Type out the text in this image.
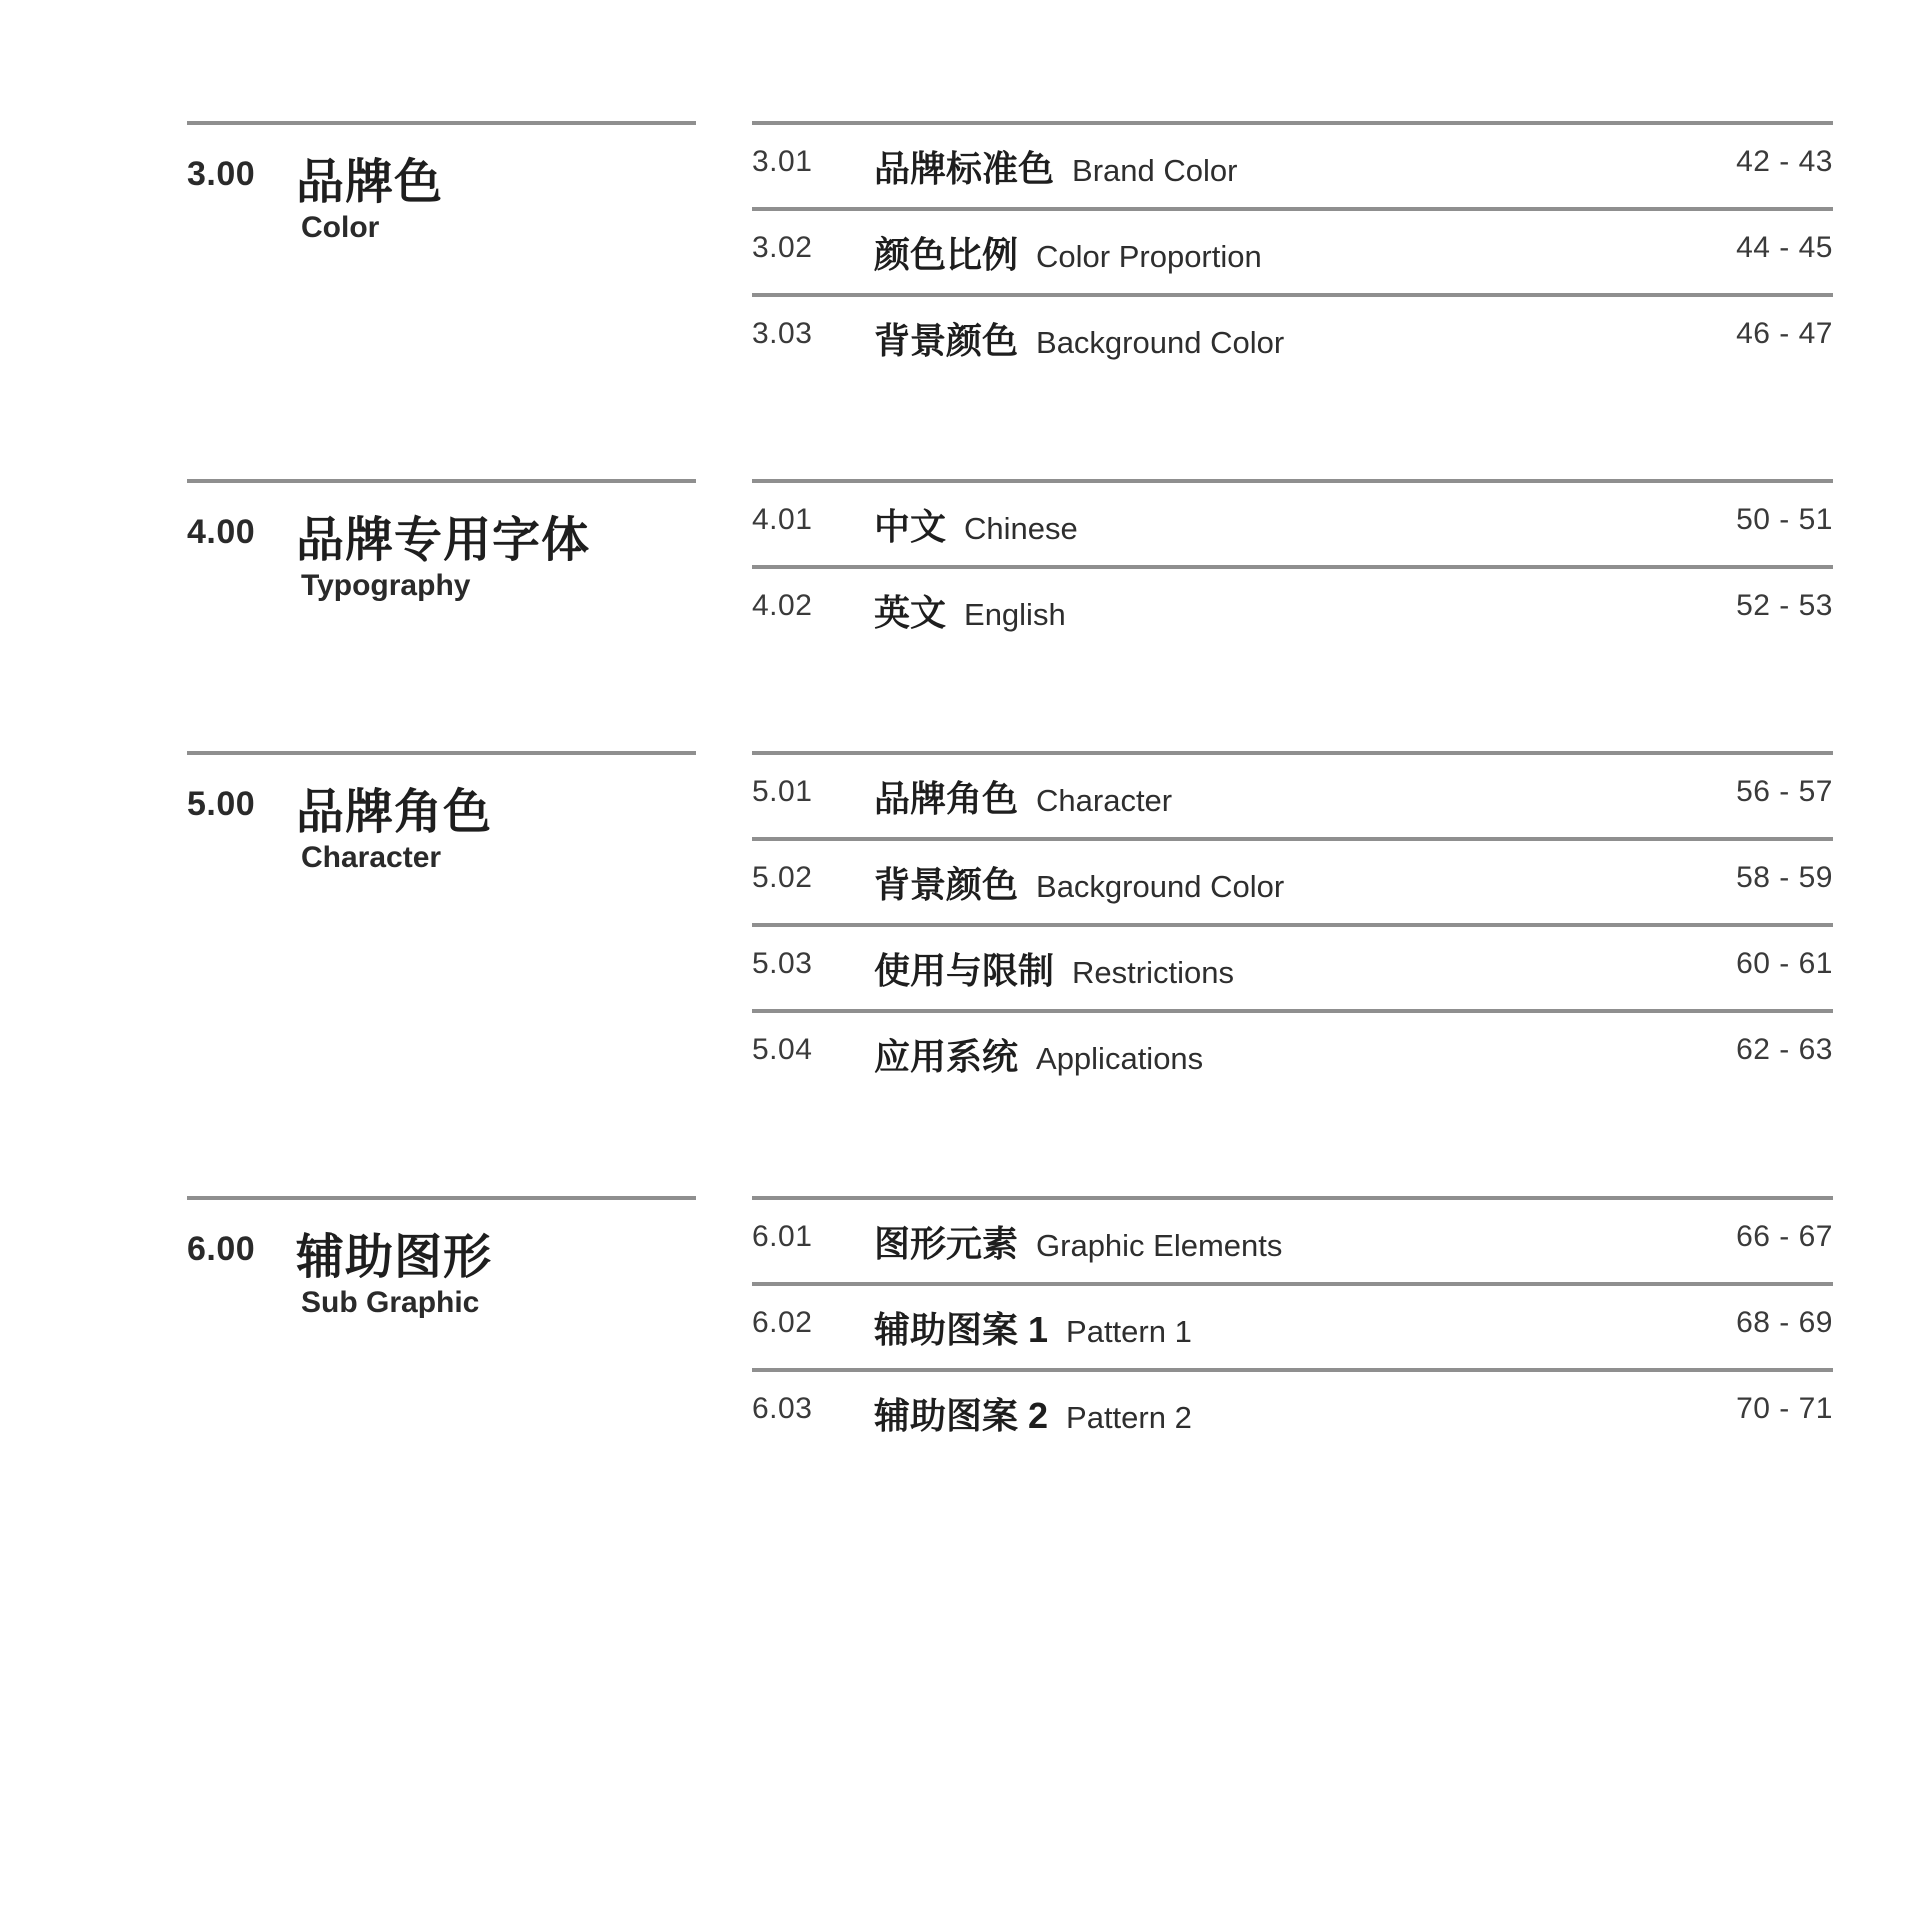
3.00 品牌色
Color
3.01 品牌标准色 Brand Color	42 - 43
3.02 颜色比例 Color Proportion	44 - 45
3.03 背景颜色 Background Color	46 - 47
4.00 品牌专用字体
Typography
4.01 中文 Chinese	50 - 51
4.02 英文 English	52 - 53
5.00 品牌角色
Character
5.01 品牌角色 Character	56 - 57
5.02 背景颜色 Background Color	58 - 59
5.03 使用与限制 Restrictions	60 - 61
5.04 应用系统 Applications	62 - 63
6.00 辅助图形
Sub Graphic
6.01 图形元素 Graphic Elements	66 - 67
6.02 辅助图案 1 Pattern 1	68 - 69
6.03 辅助图案 2 Pattern 2	70 - 71
